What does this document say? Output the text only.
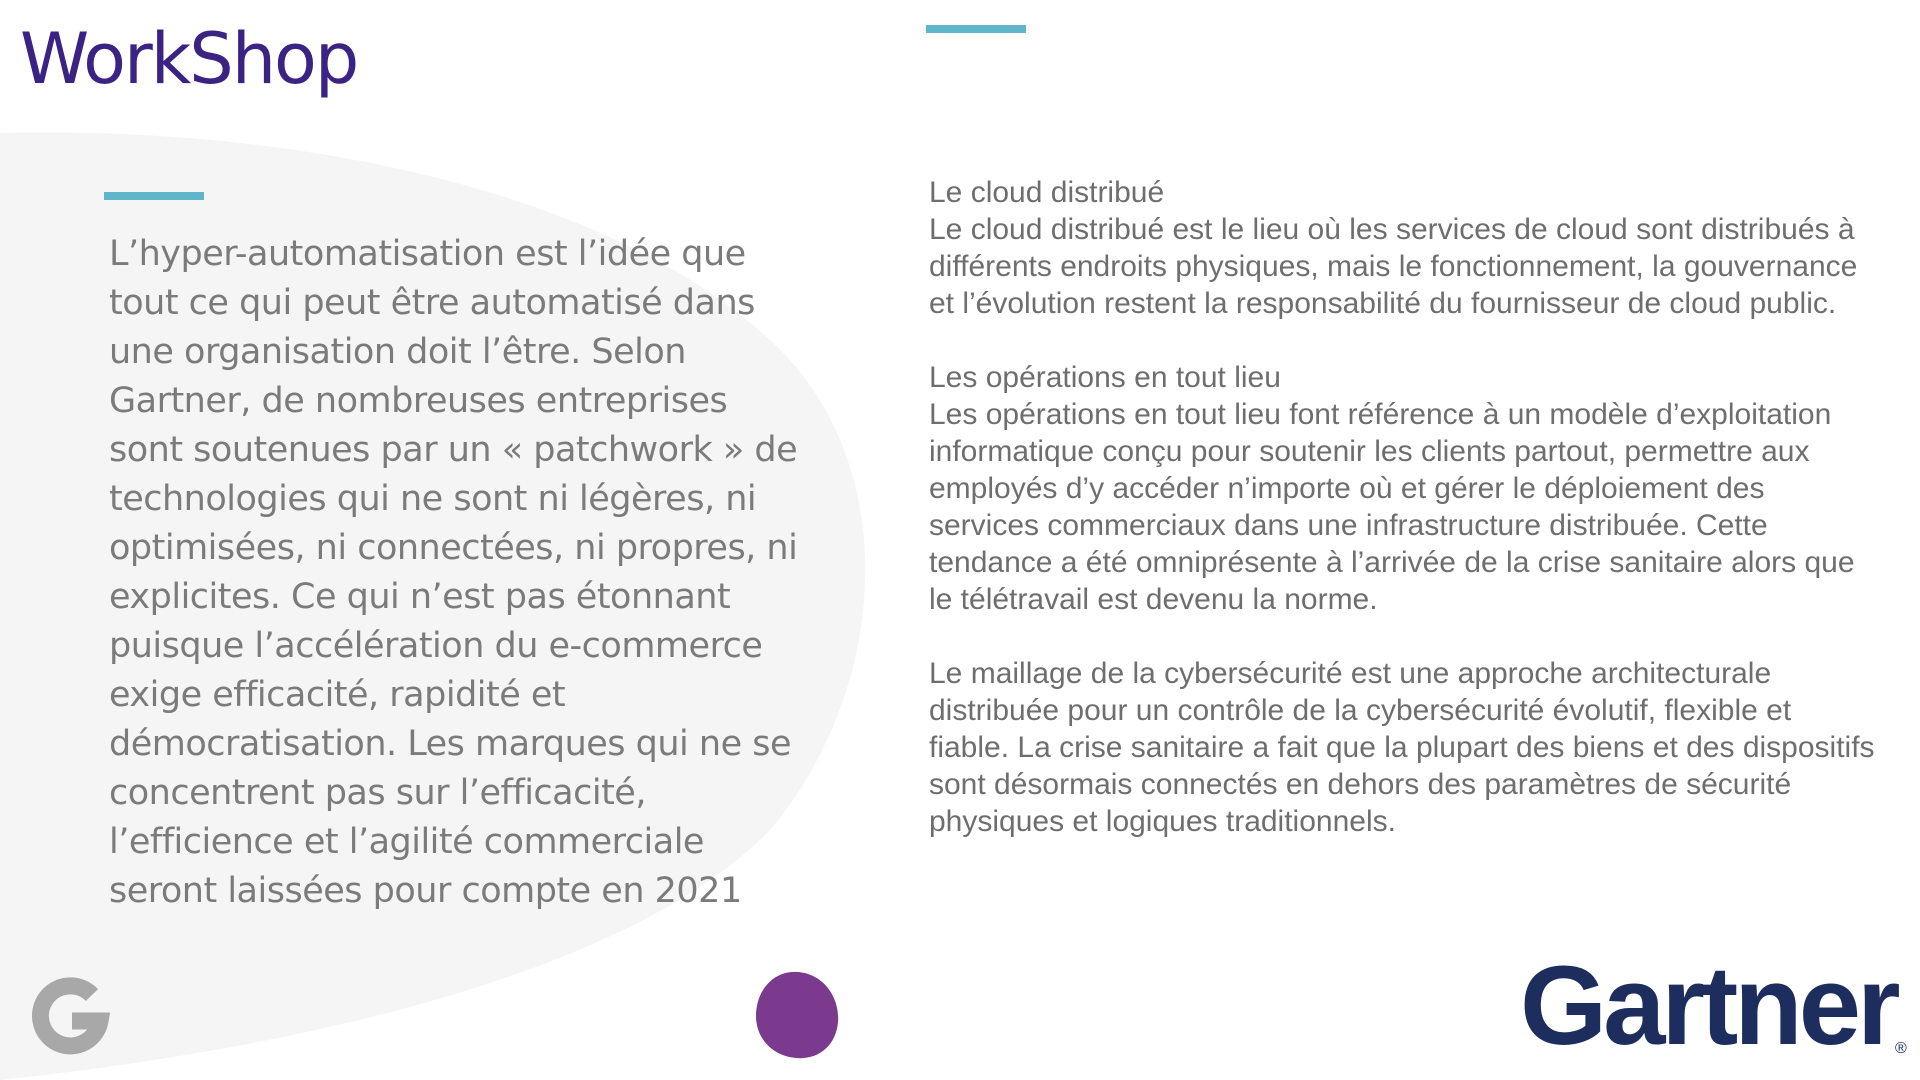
WorkShop

L’hyper-automatisation est l’idée que tout ce qui peut être automatisé dans une organisation doit l’être. Selon Gartner, de nombreuses entreprises sont soutenues par un « patchwork » de technologies qui ne sont ni légères, ni optimisées, ni connectées, ni propres, ni explicites. Ce qui n’est pas étonnant puisque l’accélération du e-commerce exige efficacité, rapidité et démocratisation. Les marques qui ne se concentrent pas sur l’efficacité, l’efficience et l’agilité commerciale seront laissées pour compte en 2021

Le cloud distribué

Le cloud distribué est le lieu où les services de cloud sont distribués à différents endroits physiques, mais le fonctionnement, la gouvernance et l’évolution restent la responsabilité du fournisseur de cloud public.

Les opérations en tout lieu

Les opérations en tout lieu font référence à un modèle d’exploitation informatique conçu pour soutenir les clients partout, permettre aux employés d’y accéder n’importe où et gérer le déploiement des services commerciaux dans une infrastructure distribuée. Cette tendance a été omniprésente à l’arrivée de la crise sanitaire alors que le télétravail est devenu la norme.

Le maillage de la cybersécurité est une approche architecturale distribuée pour un contrôle de la cybersécurité évolutif, flexible et fiable. La crise sanitaire a fait que la plupart des biens et des dispositifs sont désormais connectés en dehors des paramètres de sécurité physiques et logiques traditionnels.

Gartner

®
